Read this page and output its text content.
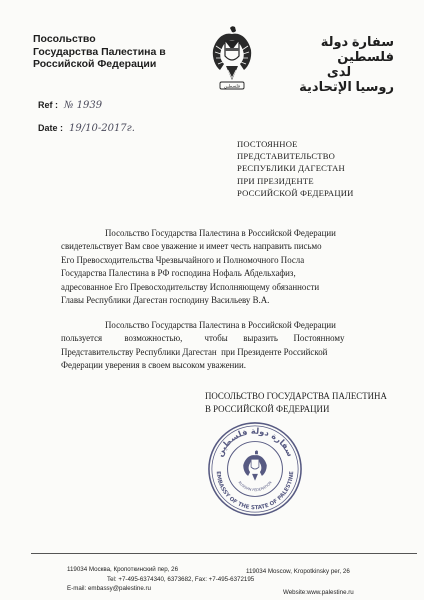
Посольство
Государства Палестина в
Российской Федерации
فلسطين
سفارة دولة فلسطين
لدى
روسيا الإتحادية
Ref : № 1939
Date : 19/10-2017г.
ПОСТОЯННОЕ
ПРЕДСТАВИТЕЛЬСТВО
РЕСПУБЛИКИ ДАГЕСТАН
ПРИ ПРЕЗИДЕНТЕ
РОССИЙСКОЙ ФЕДЕРАЦИИ
Посольство Государства Палестина в Российской Федерации
свидетельствует Вам свое уважение и имеет честь направить письмо
Его Превосходительства Чрезвычайного и Полномочного Посла
Государства Палестина в РФ господина Нофаль Абдельхафиз,
адресованное Его Превосходительству Исполняющему обязанности
Главы Республики Дагестан господину Васильеву В.А.
Посольство Государства Палестина в Российской Федерации
пользуется          возможностью,          чтобы       выразить       Постоянному
Представительству Республики Дагестан  при Президенте Российской
Федерации уверения в своем высоком уважении.
ПОСОЛЬСТВО ГОСУДАРСТВА ПАЛЕСТИНА
В РОССИЙСКОЙ ФЕДЕРАЦИИ
سفارة دولة فلسطين
EMBASSY OF THE STATE OF PALESTINE
RUSSIAN FEDERATION
119034 Москва, Кропоткинский пер, 26	119034 Moscow, Kropotkinsky per, 26
Tel: +7-495-6374340, 6373682, Fax: +7-495-6372195
E-mail: embassy@palestine.ru
Website:www.palestine.ru
